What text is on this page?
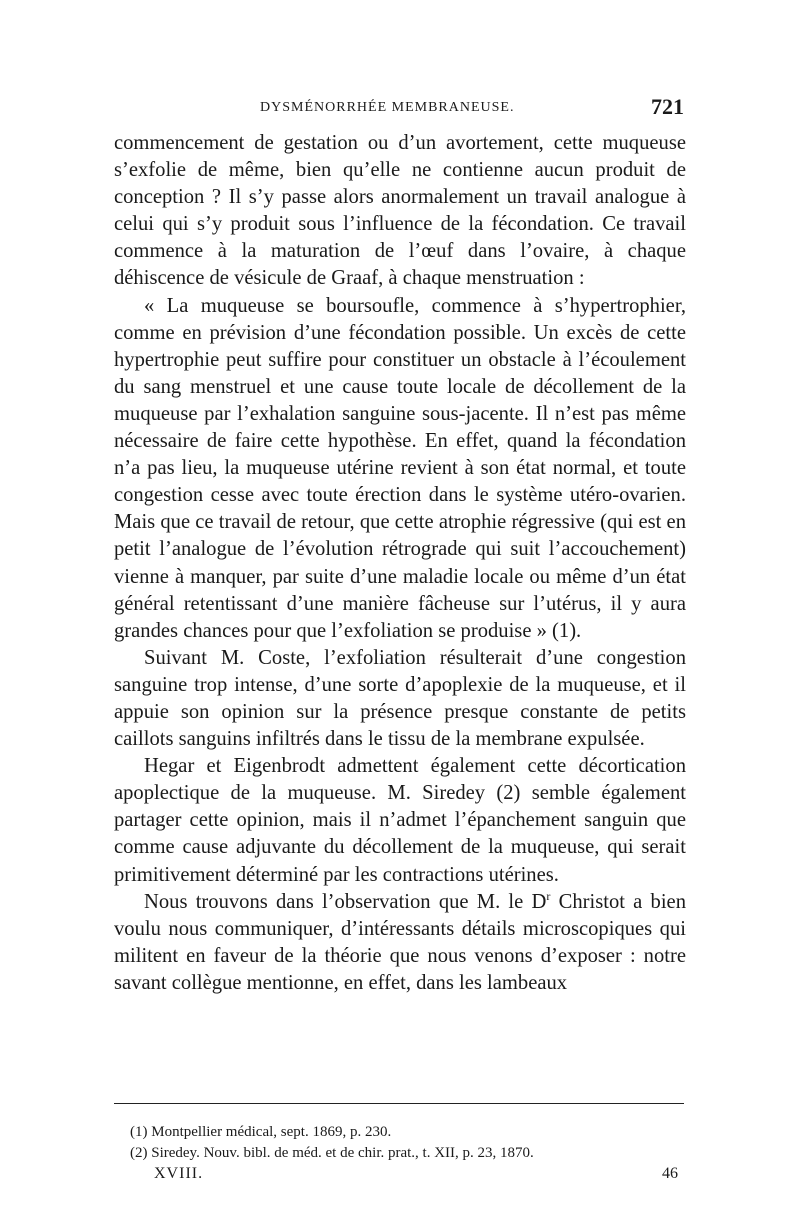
DYSMÉNORRHÉE MEMBRANEUSE.	721

commencement de gestation ou d’un avortement, cette muqueuse s’exfolie de même, bien qu’elle ne contienne aucun produit de conception ? Il s’y passe alors anormalement un travail analogue à celui qui s’y produit sous l’influence de la fécondation. Ce travail commence à la maturation de l’œuf dans l’ovaire, à chaque déhiscence de vésicule de Graaf, à chaque menstruation :

« La muqueuse se boursoufle, commence à s’hypertrophier, comme en prévision d’une fécondation possible. Un excès de cette hypertrophie peut suffire pour constituer un obstacle à l’écoulement du sang menstruel et une cause toute locale de décollement de la muqueuse par l’exhalation sanguine sous-jacente. Il n’est pas même nécessaire de faire cette hypothèse. En effet, quand la fécondation n’a pas lieu, la muqueuse utérine revient à son état normal, et toute congestion cesse avec toute érection dans le système utéro-ovarien. Mais que ce travail de retour, que cette atrophie régressive (qui est en petit l’analogue de l’évolution rétrograde qui suit l’accouchement) vienne à manquer, par suite d’une maladie locale ou même d’un état général retentissant d’une manière fâcheuse sur l’utérus, il y aura grandes chances pour que l’exfoliation se produise » (1).

Suivant M. Coste, l’exfoliation résulterait d’une congestion sanguine trop intense, d’une sorte d’apoplexie de la muqueuse, et il appuie son opinion sur la présence presque constante de petits caillots sanguins infiltrés dans le tissu de la membrane expulsée.

Hegar et Eigenbrodt admettent également cette décortication apoplectique de la muqueuse. M. Siredey (2) semble également partager cette opinion, mais il n’admet l’épanchement sanguin que comme cause adjuvante du décollement de la muqueuse, qui serait primitivement déterminé par les contractions utérines.

Nous trouvons dans l’observation que M. le $D^r$ Christot a bien voulu nous communiquer, d’intéressants détails microscopiques qui militent en faveur de la théorie que nous venons d’exposer : notre savant collègue mentionne, en effet, dans les lambeaux

(1) Montpellier médical, sept. 1869, p. 230.
(2) Siredey. Nouv. bibl. de méd. et de chir. prat., t. XII, p. 23, 1870.
XVIII.	46
